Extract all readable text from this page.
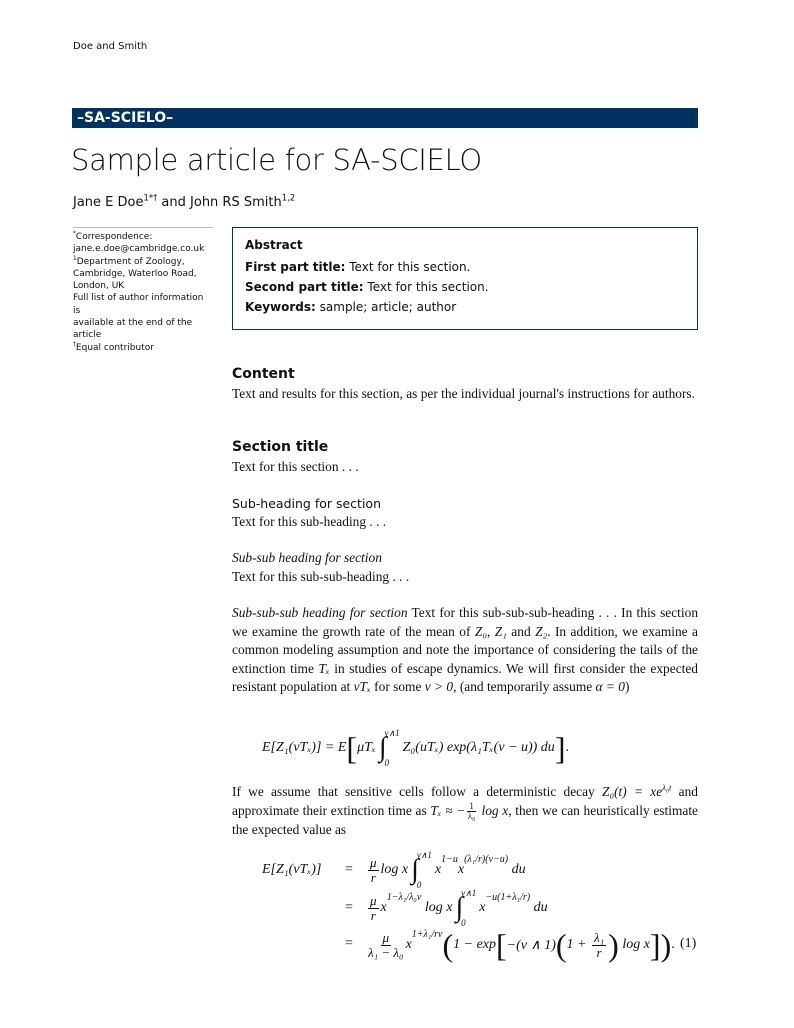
Doe and Smith
–SA-SCIELO–
Sample article for SA-SCIELO
Jane E Doe$^{1*\dagger}$ and John RS Smith$^{1,2}$
*Correspondence:
jane.e.doe@cambridge.co.uk
$^1$Department of Zoology,
Cambridge, Waterloo Road,
London, UK
Full list of author information is
available at the end of the article
†Equal contributor
Abstract

First part title: Text for this section.

Second part title: Text for this section.

Keywords: sample; article; author

Content
Text and results for this section, as per the individual journal's instructions for authors.
Section title
Text for this section . . .
Sub-heading for section
Text for this sub-heading . . .
Sub-sub heading for section
Text for this sub-sub-heading . . .
Sub-sub-sub heading for section Text for this sub-sub-sub-heading . . . In this section we examine the growth rate of the mean of Z₀, Z₁ and Z₂. In addition, we examine a common modeling assumption and note the importance of considering the tails of the extinction time Tₓ in studies of escape dynamics. We will first consider the expected resistant population at vTₓ for some v > 0, (and temporarily assume α = 0)
E[Z₁(vTₓ)] = E [ μTₓ ∫
v∧1
0
Z₀(uTₓ) exp(λ₁Tₓ(v − u)) du ] .
If we assume that sensitive cells follow a deterministic decay $Z_0(t) = xe^{\lambda_0t}$ and approximate their extinction time as Tₓ ≈ − $\frac{1}{\text{λ₀}}$ log x, then we can heuristically estimate the expected value as
E[Z₁(vTₓ)] =
=
=
$\frac{\mu}{r}$ log x ∫
v∧1
0
x
$^{1-u}$
x
$^{(\lambda_1/r)(v-u)}$
du
$\frac{\mu}{r}$ x
$^{1-\lambda_1/\lambda_0v}$
log x ∫
v∧1
0
x
$^{-u(1+\lambda_1/r)}$
du
$\frac{\mu}{\text{λ₁ − λ₀}}$ x
$^{1+\lambda_1/rv}$ ( 1 − exp [ −(v ∧ 1) ( $1 + \frac{\text{λ₁}}{r}$ ) log x ] ) . (1)
